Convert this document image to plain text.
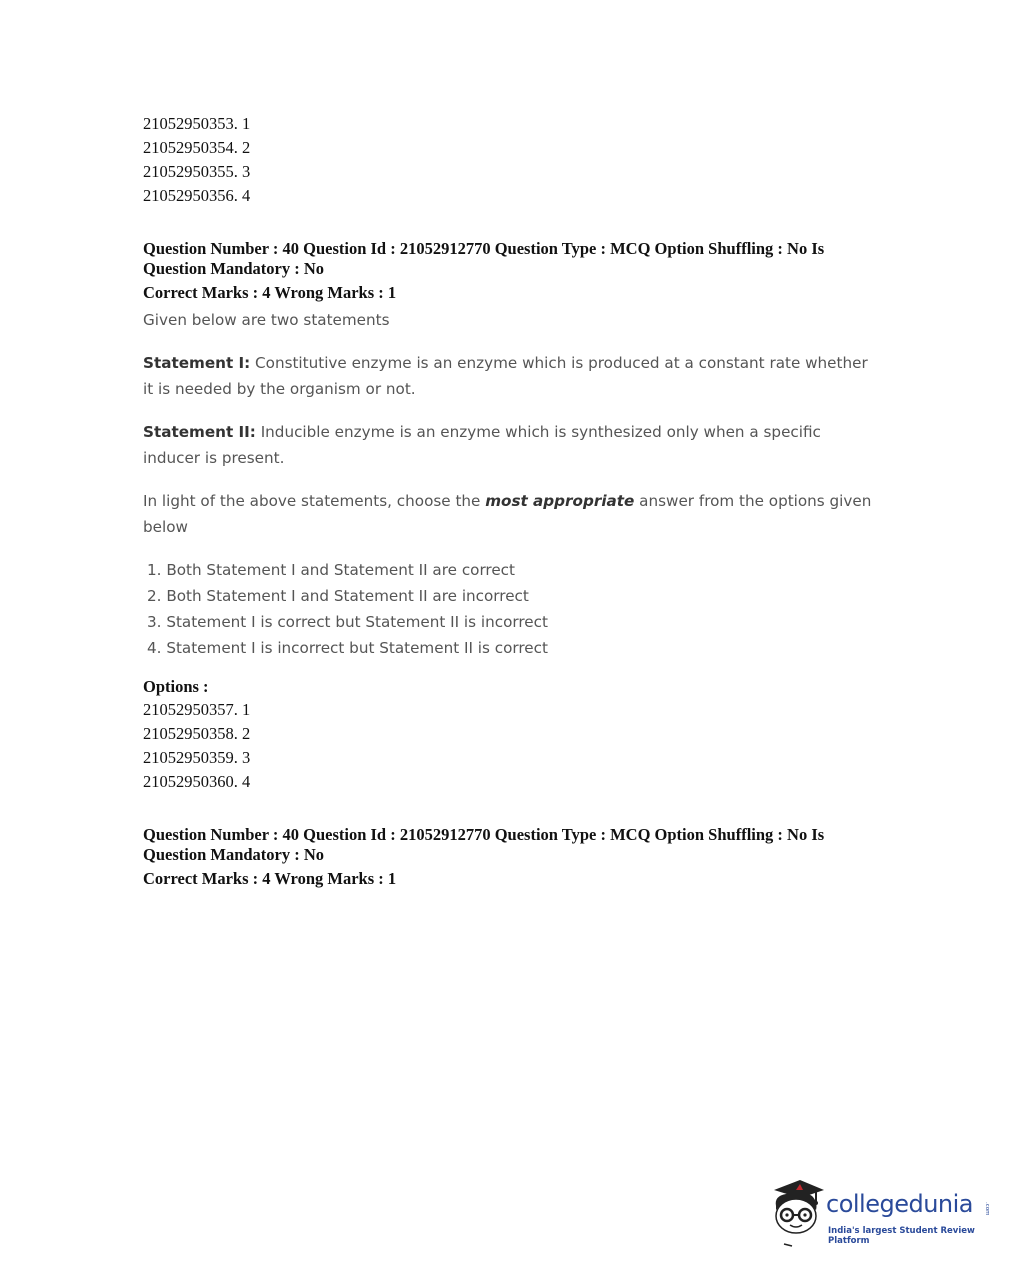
21052950353. 1
21052950354. 2
21052950355. 3
21052950356. 4
Question Number : 40 Question Id : 21052912770 Question Type : MCQ Option Shuffling : No Is
Question Mandatory : No
Correct Marks : 4 Wrong Marks : 1
Given below are two statements
Statement I: Constitutive enzyme is an enzyme which is produced at a constant rate whether it is needed by the organism or not.
Statement II: Inducible enzyme is an enzyme which is synthesized only when a specific inducer is present.
In light of the above statements, choose the most appropriate answer from the options given below
1. Both Statement I and Statement II are correct
2. Both Statement I and Statement II are incorrect
3. Statement I is correct but Statement II is incorrect
4. Statement I is incorrect but Statement II is correct
Options :
21052950357. 1
21052950358. 2
21052950359. 3
21052950360. 4
Question Number : 40 Question Id : 21052912770 Question Type : MCQ Option Shuffling : No Is
Question Mandatory : No
Correct Marks : 4 Wrong Marks : 1
collegedunia .com
India's largest Student Review Platform
